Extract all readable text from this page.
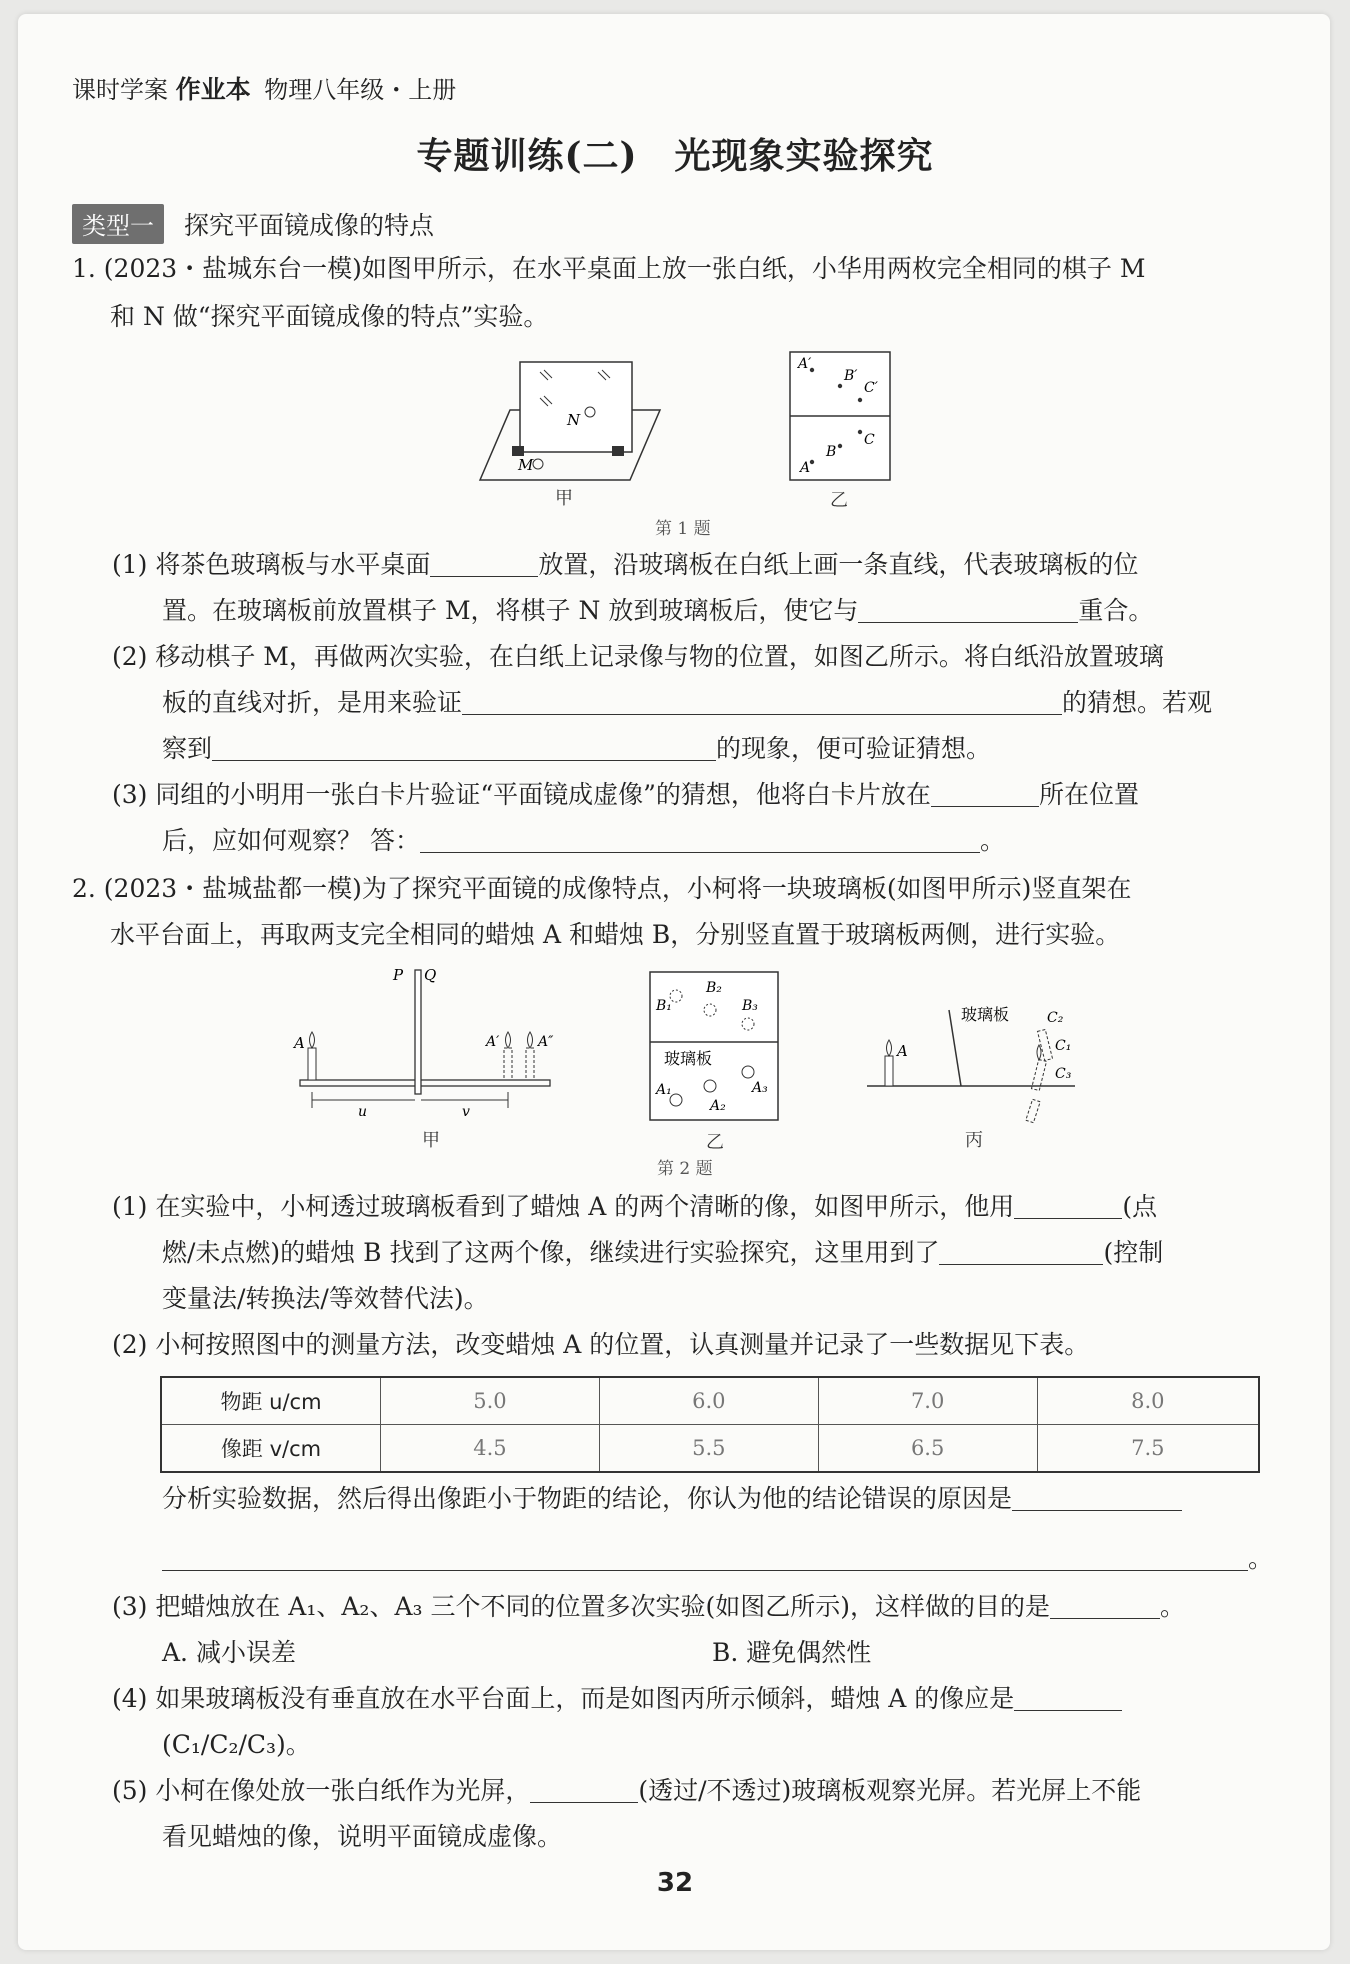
课时学案 作业本 物理八年级・上册
专题训练(二)　光现象实验探究
类型一	探究平面镜成像的特点
1. (2023・盐城东台一模)如图甲所示，在水平桌面上放一张白纸，小华用两枚完全相同的棋子 M
和 N 做“探究平面镜成像的特点”实验。
N
M
甲
A′
B′
C′
A
B
C
乙
第 1 题
(1) 将茶色玻璃板与水平桌面	放置，沿玻璃板在白纸上画一条直线，代表玻璃板的位
置。在玻璃板前放置棋子 M，将棋子 N 放到玻璃板后，使它与	重合。
(2) 移动棋子 M，再做两次实验，在白纸上记录像与物的位置，如图乙所示。将白纸沿放置玻璃
板的直线对折，是用来验证	的猜想。若观
察到	的现象，便可验证猜想。
(3) 同组的小明用一张白卡片验证“平面镜成虚像”的猜想，他将白卡片放在	所在位置
后，应如何观察？ 答：	。
2. (2023・盐城盐都一模)为了探究平面镜的成像特点，小柯将一块玻璃板(如图甲所示)竖直架在
水平台面上，再取两支完全相同的蜡烛 A 和蜡烛 B，分别竖直置于玻璃板两侧，进行实验。
P Q
A	A′	A″
u	v
甲
B₁
B₂
B₃
玻璃板
A₁
A₂
A₃
乙
第 2 题
A
玻璃板	C₂
C₁
C₃
丙
(1) 在实验中，小柯透过玻璃板看到了蜡烛 A 的两个清晰的像，如图甲所示，他用	(点
燃/未点燃)的蜡烛 B 找到了这两个像，继续进行实验探究，这里用到了	(控制
变量法/转换法/等效替代法)。
(2) 小柯按照图中的测量方法，改变蜡烛 A 的位置，认真测量并记录了一些数据见下表。
物距 u/cm	5.0	6.0	7.0	8.0
像距 v/cm	4.5	5.5	6.5	7.5
分析实验数据，然后得出像距小于物距的结论，你认为他的结论错误的原因是
。
(3) 把蜡烛放在 A₁、A₂、A₃ 三个不同的位置多次实验(如图乙所示)，这样做的目的是	。
A. 减小误差	B. 避免偶然性
(4) 如果玻璃板没有垂直放在水平台面上，而是如图丙所示倾斜，蜡烛 A 的像应是
(C₁/C₂/C₃)。
(5) 小柯在像处放一张白纸作为光屏，	(透过/不透过)玻璃板观察光屏。若光屏上不能
看见蜡烛的像，说明平面镜成虚像。
32
